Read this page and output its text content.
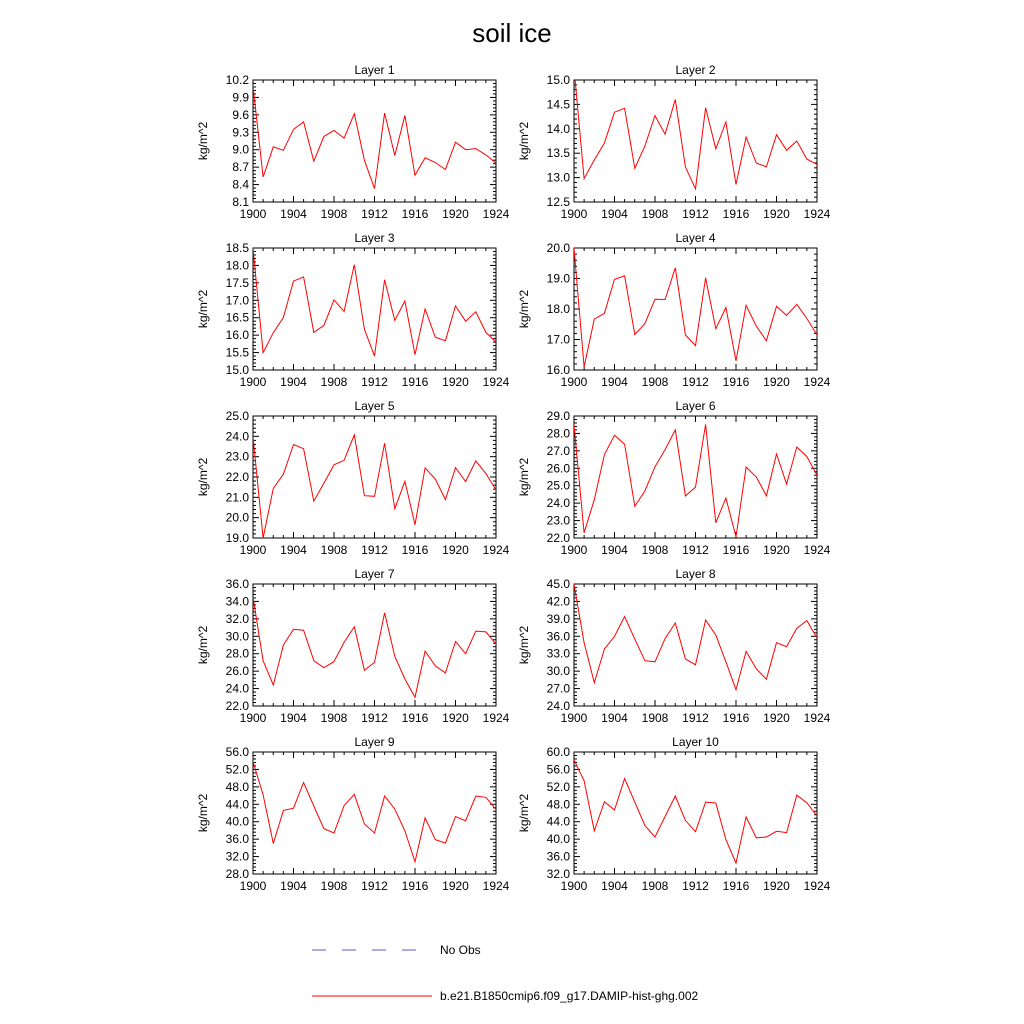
soil ice
Layer 1
1900 1904 1908 1912 1916 1920 1924
8.1
8.4
8.7
9.0
9.3
9.6
9.9
10.2
kg/m^2
Layer 2
1900 1904 1908 1912 1916 1920 1924
12.5
13.0
13.5
14.0
14.5
15.0
kg/m^2
Layer 3
1900 1904 1908 1912 1916 1920 1924
15.0
15.5
16.0
16.5
17.0
17.5
18.0
18.5
kg/m^2
Layer 4
1900 1904 1908 1912 1916 1920 1924
16.0
17.0
18.0
19.0
20.0
kg/m^2
Layer 5
1900 1904 1908 1912 1916 1920 1924
19.0
20.0
21.0
22.0
23.0
24.0
25.0
kg/m^2
Layer 6
1900 1904 1908 1912 1916 1920 1924
22.0
23.0
24.0
25.0
26.0
27.0
28.0
29.0
kg/m^2
Layer 7
1900 1904 1908 1912 1916 1920 1924
22.0
24.0
26.0
28.0
30.0
32.0
34.0
36.0
kg/m^2
Layer 8
1900 1904 1908 1912 1916 1920 1924
24.0
27.0
30.0
33.0
36.0
39.0
42.0
45.0
kg/m^2
Layer 9
1900 1904 1908 1912 1916 1920 1924
28.0
32.0
36.0
40.0
44.0
48.0
52.0
56.0
kg/m^2
Layer 10
1900 1904 1908 1912 1916 1920 1924
32.0
36.0
40.0
44.0
48.0
52.0
56.0
60.0
kg/m^2
No Obs
b.e21.B1850cmip6.f09_g17.DAMIP-hist-ghg.002
